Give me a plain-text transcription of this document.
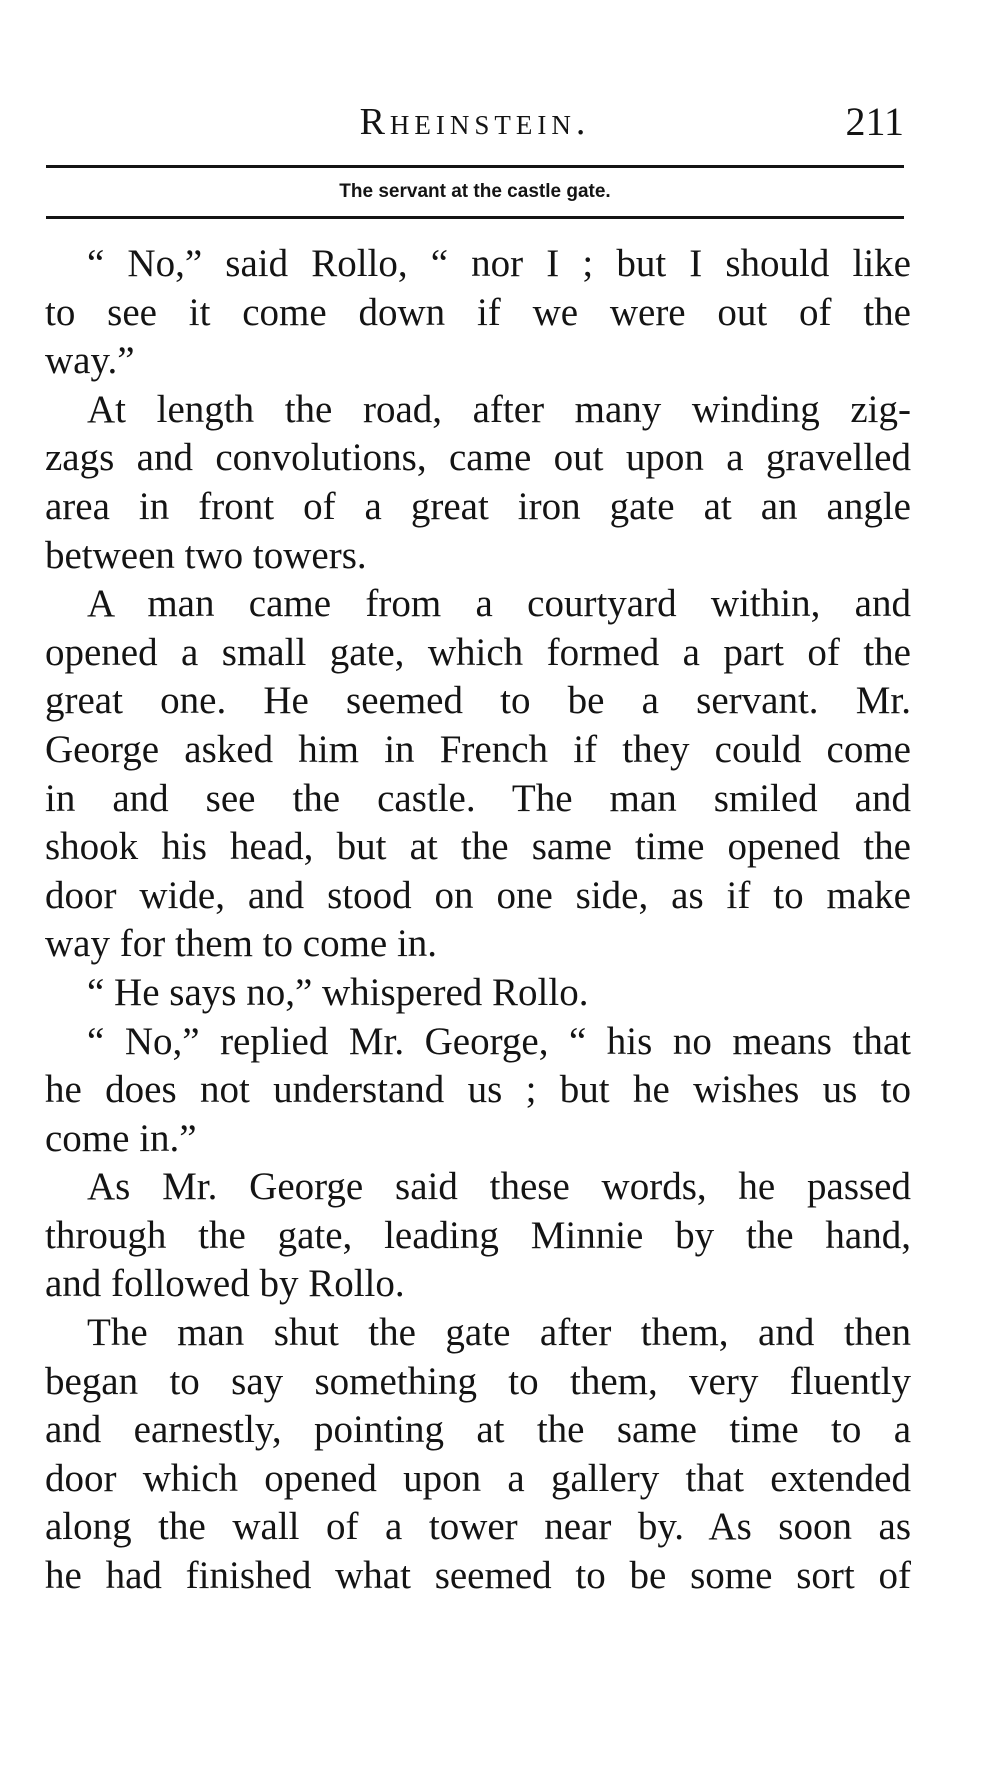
Rheinstein.	211
The servant at the castle gate.

“ No,” said Rollo, “ nor I ; but I should like
to see it come down if we were out of the
way.”

At length the road, after many winding zig-
zags and convolutions, came out upon a gravelled
area in front of a great iron gate at an angle
between two towers.

A man came from a courtyard within, and
opened a small gate, which formed a part of the
great one. He seemed to be a servant. Mr.
George asked him in French if they could come
in and see the castle. The man smiled and
shook his head, but at the same time opened the
door wide, and stood on one side, as if to make
way for them to come in.

“ He says no,” whispered Rollo.

“ No,” replied Mr. George, “ his no means that
he does not understand us ; but he wishes us to
come in.”

As Mr. George said these words, he passed
through the gate, leading Minnie by the hand,
and followed by Rollo.

The man shut the gate after them, and then
began to say something to them, very fluently
and earnestly, pointing at the same time to a
door which opened upon a gallery that extended
along the wall of a tower near by. As soon as
he had finished what seemed to be some sort of
